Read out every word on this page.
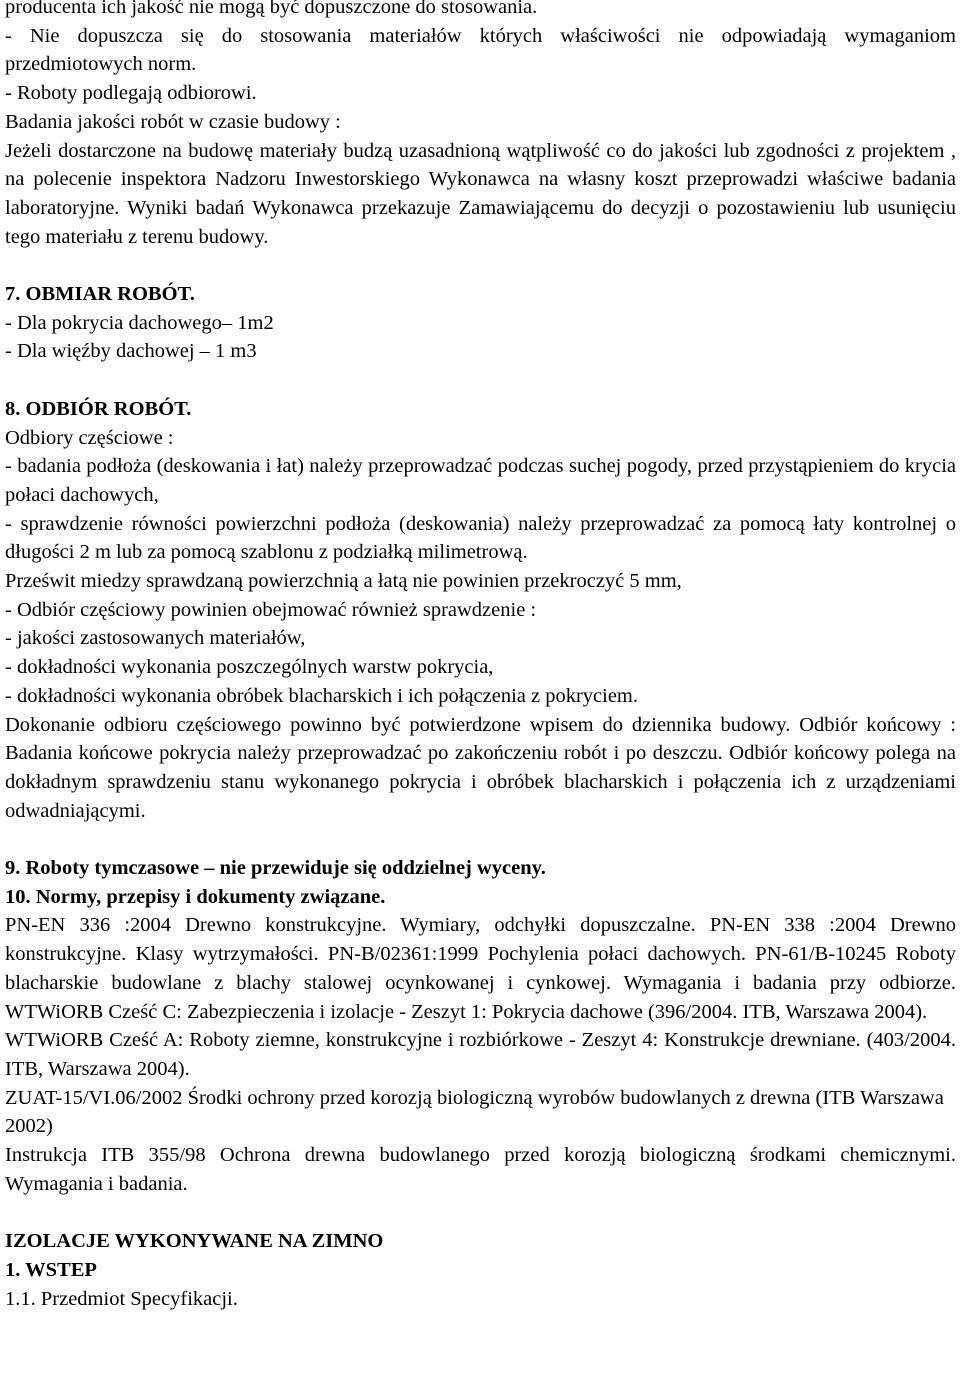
producenta ich jakość nie mogą być dopuszczone do stosowania.

- Nie dopuszcza się do stosowania materiałów których właściwości nie odpowiadają wymaganiom przedmiotowych norm.

- Roboty podlegają odbiorowi.

Badania jakości robót w czasie budowy :

Jeżeli dostarczone na budowę materiały budzą uzasadnioną wątpliwość co do jakości lub zgodności z projektem , na polecenie inspektora Nadzoru Inwestorskiego Wykonawca na własny koszt przeprowadzi właściwe badania laboratoryjne. Wyniki badań Wykonawca przekazuje Zamawiającemu do decyzji o pozostawieniu lub usunięciu tego materiału z terenu budowy.

7. OBMIAR ROBÓT.

- Dla pokrycia dachowego– 1m2

- Dla więźby dachowej – 1 m3

8. ODBIÓR ROBÓT.

Odbiory częściowe :

- badania podłoża (deskowania i łat) należy przeprowadzać podczas suchej pogody, przed przystąpieniem do krycia połaci dachowych,

- sprawdzenie równości powierzchni podłoża (deskowania) należy przeprowadzać za pomocą łaty kontrolnej o długości 2 m lub za pomocą szablonu z podziałką milimetrową.

Prześwit miedzy sprawdzaną powierzchnią a łatą nie powinien przekroczyć 5 mm,

- Odbiór częściowy powinien obejmować również sprawdzenie :

- jakości zastosowanych materiałów,

- dokładności wykonania poszczególnych warstw pokrycia,

- dokładności wykonania obróbek blacharskich i ich połączenia z pokryciem.

Dokonanie odbioru częściowego powinno być potwierdzone wpisem do dziennika budowy. Odbiór końcowy : Badania końcowe pokrycia należy przeprowadzać po zakończeniu robót i po deszczu. Odbiór końcowy polega na dokładnym sprawdzeniu stanu wykonanego pokrycia i obróbek blacharskich i połączenia ich z urządzeniami odwadniającymi.

9. Roboty tymczasowe – nie przewiduje się oddzielnej wyceny.

10. Normy, przepisy i dokumenty związane.

PN-EN 336 :2004 Drewno konstrukcyjne. Wymiary, odchyłki dopuszczalne. PN-EN 338 :2004 Drewno konstrukcyjne. Klasy wytrzymałości. PN-B/02361:1999 Pochylenia połaci dachowych. PN-61/B-10245 Roboty blacharskie budowlane z blachy stalowej ocynkowanej i cynkowej. Wymagania i badania przy odbiorze. WTWiORB Cześć C: Zabezpieczenia i izolacje - Zeszyt 1: Pokrycia dachowe (396/2004. ITB, Warszawa 2004).

WTWiORB Cześć A: Roboty ziemne, konstrukcyjne i rozbiórkowe - Zeszyt 4: Konstrukcje drewniane. (403/2004. ITB, Warszawa 2004).

ZUAT-15/VI.06/2002 Środki ochrony przed korozją biologiczną wyrobów budowlanych z drewna (ITB Warszawa 2002)

Instrukcja ITB 355/98 Ochrona drewna budowlanego przed korozją biologiczną środkami chemicznymi. Wymagania i badania.

IZOLACJE WYKONYWANE NA ZIMNO

1. WSTEP

1.1. Przedmiot Specyfikacji.
